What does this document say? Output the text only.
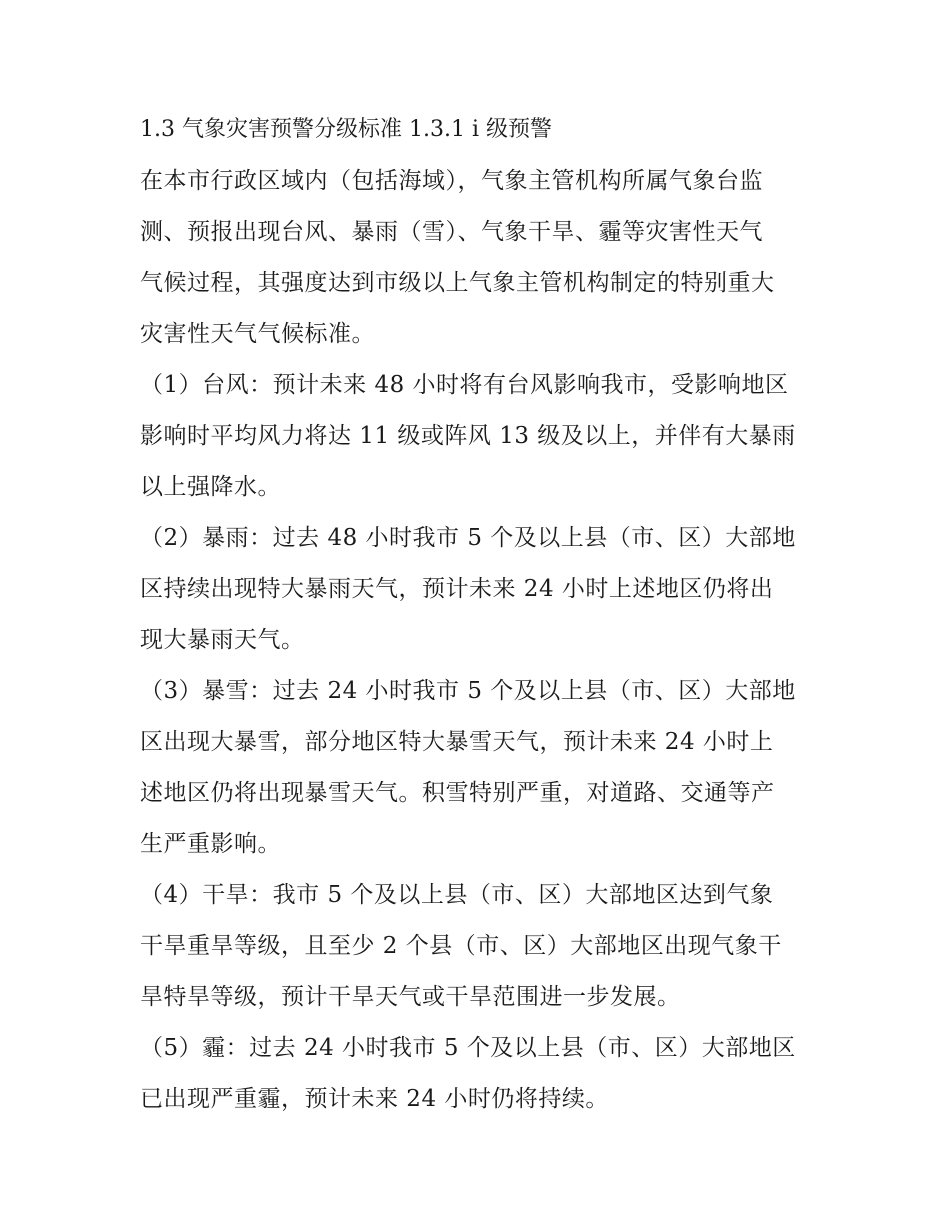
1.3 气象灾害预警分级标准 1.3.1 i 级预警
在本市行政区域内（包括海域），气象主管机构所属气象台监
测、预报出现台风、暴雨（雪）、气象干旱、霾等灾害性天气
气候过程，其强度达到市级以上气象主管机构制定的特别重大
灾害性天气气候标准。
（1）台风：预计未来 48 小时将有台风影响我市，受影响地区
影响时平均风力将达 11 级或阵风 13 级及以上，并伴有大暴雨
以上强降水。
（2）暴雨：过去 48 小时我市 5 个及以上县（市、区）大部地
区持续出现特大暴雨天气，预计未来 24 小时上述地区仍将出
现大暴雨天气。
（3）暴雪：过去 24 小时我市 5 个及以上县（市、区）大部地
区出现大暴雪，部分地区特大暴雪天气，预计未来 24 小时上
述地区仍将出现暴雪天气。积雪特别严重，对道路、交通等产
生严重影响。
（4）干旱：我市 5 个及以上县（市、区）大部地区达到气象
干旱重旱等级，且至少 2 个县（市、区）大部地区出现气象干
旱特旱等级，预计干旱天气或干旱范围进一步发展。
（5）霾：过去 24 小时我市 5 个及以上县（市、区）大部地区
已出现严重霾，预计未来 24 小时仍将持续。
